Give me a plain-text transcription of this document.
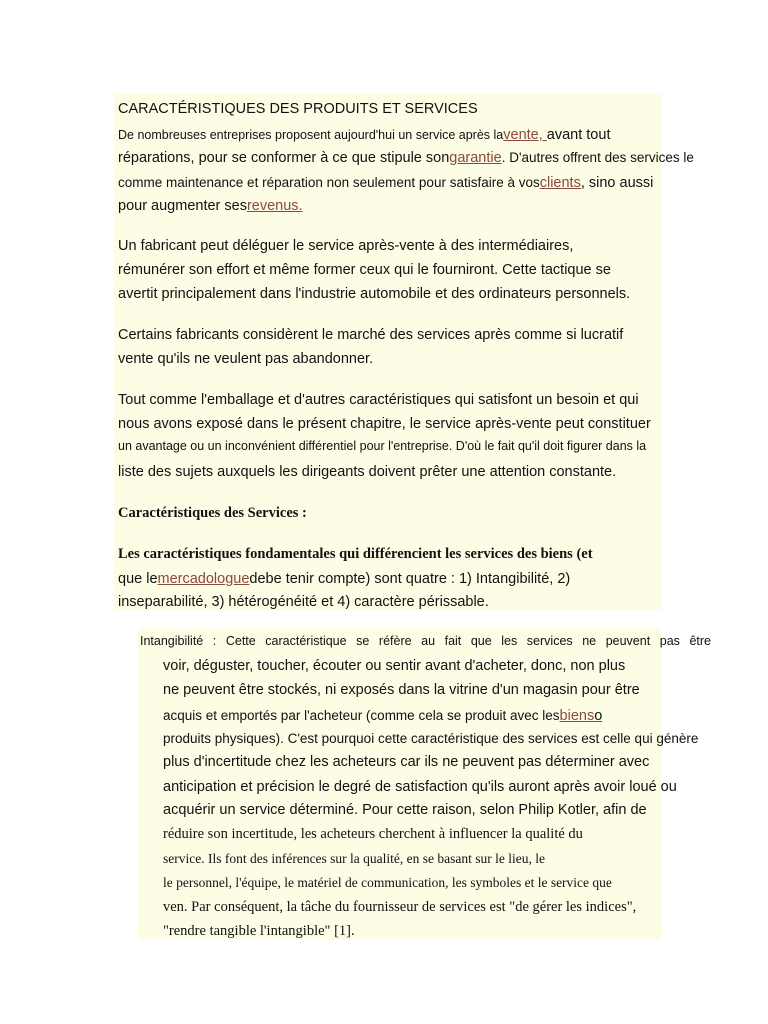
CARACTÉRISTIQUES DES PRODUITS ET SERVICES
De nombreuses entreprises proposent aujourd'hui un service après lavente, avant tout
réparations, pour se conformer à ce que stipule songarantie. D'autres offrent des services le
comme maintenance et réparation non seulement pour satisfaire à vosclients, sino aussi
pour augmenter sesrevenus.
Un fabricant peut déléguer le service après-vente à des intermédiaires,
rémunérer son effort et même former ceux qui le fourniront. Cette tactique se
avertit principalement dans l'industrie automobile et des ordinateurs personnels.
Certains fabricants considèrent le marché des services après comme si lucratif
vente qu'ils ne veulent pas abandonner.
Tout comme l'emballage et d'autres caractéristiques qui satisfont un besoin et qui
nous avons exposé dans le présent chapitre, le service après-vente peut constituer
un avantage ou un inconvénient différentiel pour l'entreprise. D'où le fait qu'il doit figurer dans la
liste des sujets auxquels les dirigeants doivent prêter une attention constante.
Caractéristiques des Services :
Les caractéristiques fondamentales qui différencient les services des biens (et
que lemercadologuedebe tenir compte) sont quatre : 1) Intangibilité, 2)
inseparabilité, 3) hétérogénéité et 4) caractère périssable.
Intangibilité : Cette caractéristique se réfère au fait que les services ne peuvent pas être
voir, déguster, toucher, écouter ou sentir avant d'acheter, donc, non plus
ne peuvent être stockés, ni exposés dans la vitrine d'un magasin pour être
acquis et emportés par l'acheteur (comme cela se produit avec lesbienso
produits physiques). C'est pourquoi cette caractéristique des services est celle qui génère
plus d'incertitude chez les acheteurs car ils ne peuvent pas déterminer avec
anticipation et précision le degré de satisfaction qu'ils auront après avoir loué ou
acquérir un service déterminé. Pour cette raison, selon Philip Kotler, afin de
réduire son incertitude, les acheteurs cherchent à influencer la qualité du
service. Ils font des inférences sur la qualité, en se basant sur le lieu, le
le personnel, l'équipe, le matériel de communication, les symboles et le service que
ven. Par conséquent, la tâche du fournisseur de services est "de gérer les indices",
"rendre tangible l'intangible" [1].
